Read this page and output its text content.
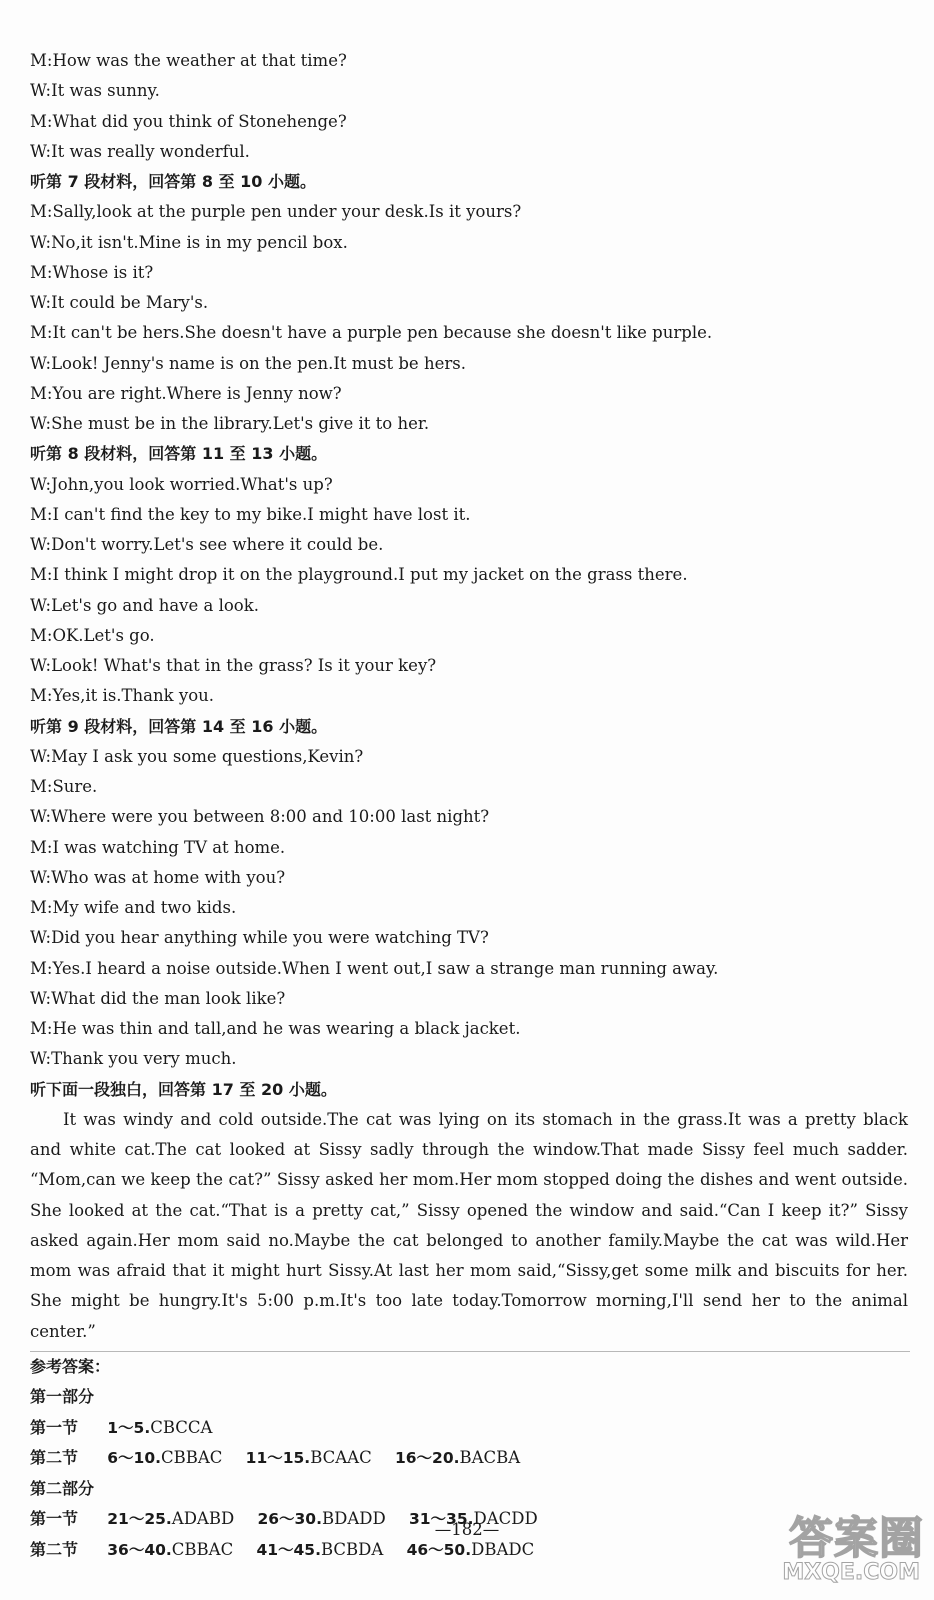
M:How was the weather at that time?
W:It was sunny.
M:What did you think of Stonehenge?
W:It was really wonderful.
听第 7 段材料，回答第 8 至 10 小题。
M:Sally,look at the purple pen under your desk.Is it yours?
W:No,it isn't.Mine is in my pencil box.
M:Whose is it?
W:It could be Mary's.
M:It can't be hers.She doesn't have a purple pen because she doesn't like purple.
W:Look! Jenny's name is on the pen.It must be hers.
M:You are right.Where is Jenny now?
W:She must be in the library.Let's give it to her.
听第 8 段材料，回答第 11 至 13 小题。
W:John,you look worried.What's up?
M:I can't find the key to my bike.I might have lost it.
W:Don't worry.Let's see where it could be.
M:I think I might drop it on the playground.I put my jacket on the grass there.
W:Let's go and have a look.
M:OK.Let's go.
W:Look! What's that in the grass? Is it your key?
M:Yes,it is.Thank you.
听第 9 段材料，回答第 14 至 16 小题。
W:May I ask you some questions,Kevin?
M:Sure.
W:Where were you between 8:00 and 10:00 last night?
M:I was watching TV at home.
W:Who was at home with you?
M:My wife and two kids.
W:Did you hear anything while you were watching TV?
M:Yes.I heard a noise outside.When I went out,I saw a strange man running away.
W:What did the man look like?
M:He was thin and tall,and he was wearing a black jacket.
W:Thank you very much.
听下面一段独白，回答第 17 至 20 小题。

It was windy and cold outside.The cat was lying on its stomach in the grass.It was a pretty black and white cat.The cat looked at Sissy sadly through the window.That made Sissy feel much sadder. “Mom,can we keep the cat?” Sissy asked her mom.Her mom stopped doing the dishes and went outside. She looked at the cat.“That is a pretty cat,” Sissy opened the window and said.“Can I keep it?” Sissy asked again.Her mom said no.Maybe the cat belonged to another family.Maybe the cat was wild.Her mom was afraid that it might hurt Sissy.At last her mom said,“Sissy,get some milk and biscuits for her. She might be hungry.It's 5:00 p.m.It's too late today.Tomorrow morning,I'll send her to the animal center.”

参考答案：
第一部分
第一节 1～5.CBCCA
第二节 6～10.CBBAC 11～15.BCAAC 16～20.BACBA
第二部分
第一节 21～25.ADABD 26～30.BDADD 31～35.DACDD
第二节 36～40.CBBAC 41～45.BCBDA 46～50.DBADC
—182—	答案圈
MXQE.COM
